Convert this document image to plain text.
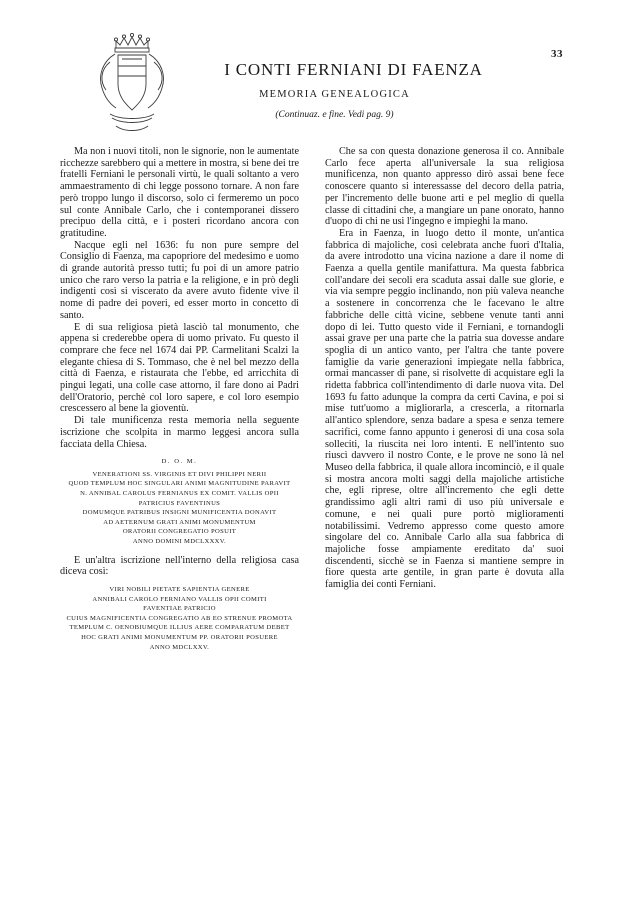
33
I CONTI FERNIANI DI FAENZA
MEMORIA GENEALOGICA
(Continuaz. e fine. Vedi pag. 9)

Ma non i nuovi titoli, non le signorie, non le aumentate ricchezze sarebbero qui a mettere in mostra, si bene dei tre fratelli Ferniani le personali virtù, le quali soltanto a vero ammaestramento di chi legge possono tornare. A non fare però troppo lungo il discorso, solo ci fermeremo un poco sul conte Annibale Carlo, che i contemporanei dissero precipuo della città, e i posteri ricordano ancora con gratitudine.

Nacque egli nel 1636: fu non pure sempre del Consiglio di Faenza, ma capopriore del medesimo e uomo di grande autorità presso tutti; fu poi di un amore patrio unico che raro verso la patria e la religione, e in prò degli indigenti così si viscerato da avere avuto fidente vive il nome di padre dei poveri, ed esser morto in concetto di santo.

E di sua religiosa pietà lasciò tal monumento, che appena si crederebbe opera di uomo privato. Fu questo il comprare che fece nel 1674 dai PP. Carmelitani Scalzi la elegante chiesa di S. Tommaso, che è nel bel mezzo della città di Faenza, e ristaurata che l'ebbe, ed arricchita di pingui legati, una colle case attorno, il fare dono ai Padri dell'Oratorio, perchè col loro sapere, e col loro esempio crescessero al bene la gioventù.

Di tale munificenza resta memoria nella seguente iscrizione che scolpita in marmo leggesi ancora sulla facciata della Chiesa.

D. O. M.
VENERATIONI SS. VIRGINIS ET DIVI PHILIPPI NERII
QUOD TEMPLUM HOC SINGULARI ANIMI MAGNITUDINE PARAVIT
N. ANNIBAL CAROLUS FERNIANUS EX COMIT. VALLIS OPII
PATRICIUS FAVENTINUS
DOMUMQUE PATRIBUS INSIGNI MUNIFICENTIA DONAVIT
AD AETERNUM GRATI ANIMI MONUMENTUM
ORATORII CONGREGATIO POSUIT
ANNO DOMINI MDCLXXXV.

E un'altra iscrizione nell'interno della religiosa casa diceva così:

VIRI NOBILI PIETATE SAPIENTIA GENERE
ANNIBALI CAROLO FERNIANO VALLIS OPII COMITI
FAVENTIAE PATRICIO
CUIUS MAGNIFICENTIA CONGREGATIO AB EO STRENUE PROMOTA
TEMPLUM C. OENOBIUMQUE ILLIUS AERE COMPARATUM DEBET
HOC GRATI ANIMI MONUMENTUM PP. ORATORII POSUERE
ANNO MDCLXXV.

Che sa con questa donazione generosa il co. Annibale Carlo fece aperta all'universale la sua religiosa munificenza, non quanto appresso dirò assai bene fece conoscere quanto si interessasse del decoro della patria, per l'incremento delle buone arti e pel meglio di quella classe di cittadini che, a mangiare un pane onorato, hanno d'uopo di chi ne usi l'ingegno e impieghi la mano.

Era in Faenza, in luogo detto il monte, un'antica fabbrica di majoliche, così celebrata anche fuori d'Italia, da avere introdotto una vicina nazione a dare il nome di Faenza a quella gentile manifattura. Ma questa fabbrica coll'andare dei secoli era scaduta assai dalle sue glorie, e via via sempre peggio inclinando, non più valeva neanche a sostenere in concorrenza che le facevano le altre fabbriche delle città vicine, sebbene venute tanti anni dopo di lei. Tutto questo vide il Ferniani, e tornandogli assai grave per una parte che la patria sua dovesse andare spoglia di un antico vanto, per l'altra che tante povere famiglie da varie generazioni impiegate nella fabbrica, ormai mancasser di pane, si risolvette di acquistare egli la ridetta fabbrica coll'intendimento di darle nuova vita. Del 1693 fu fatto adunque la compra da certi Cavina, e poi si mise tutt'uomo a migliorarla, a crescerla, a ritornarla all'antico splendore, senza badare a spesa e senza temere sacrifici, come fanno appunto i generosi di una cosa sola solleciti, la riuscita nei loro intenti. E nell'intento suo riuscì davvero il nostro Conte, e le prove ne sono là nel Museo della fabbrica, il quale allora incominciò, e il quale si mostra ancora molti saggi della majoliche artistiche che, egli riprese, oltre all'incremento che egli dette grandissimo agli altri rami di uso più universale e comune, e nei quali pure portò miglioramenti notabilissimi. Vedremo appresso come questo amore singolare del co. Annibale Carlo alla sua fabbrica di majoliche fosse ampiamente ereditato da' suoi discendenti, sicchè se in Faenza si mantiene sempre in fiore questa arte gentile, in gran parte è dovuta alla famiglia dei conti Ferniani.
